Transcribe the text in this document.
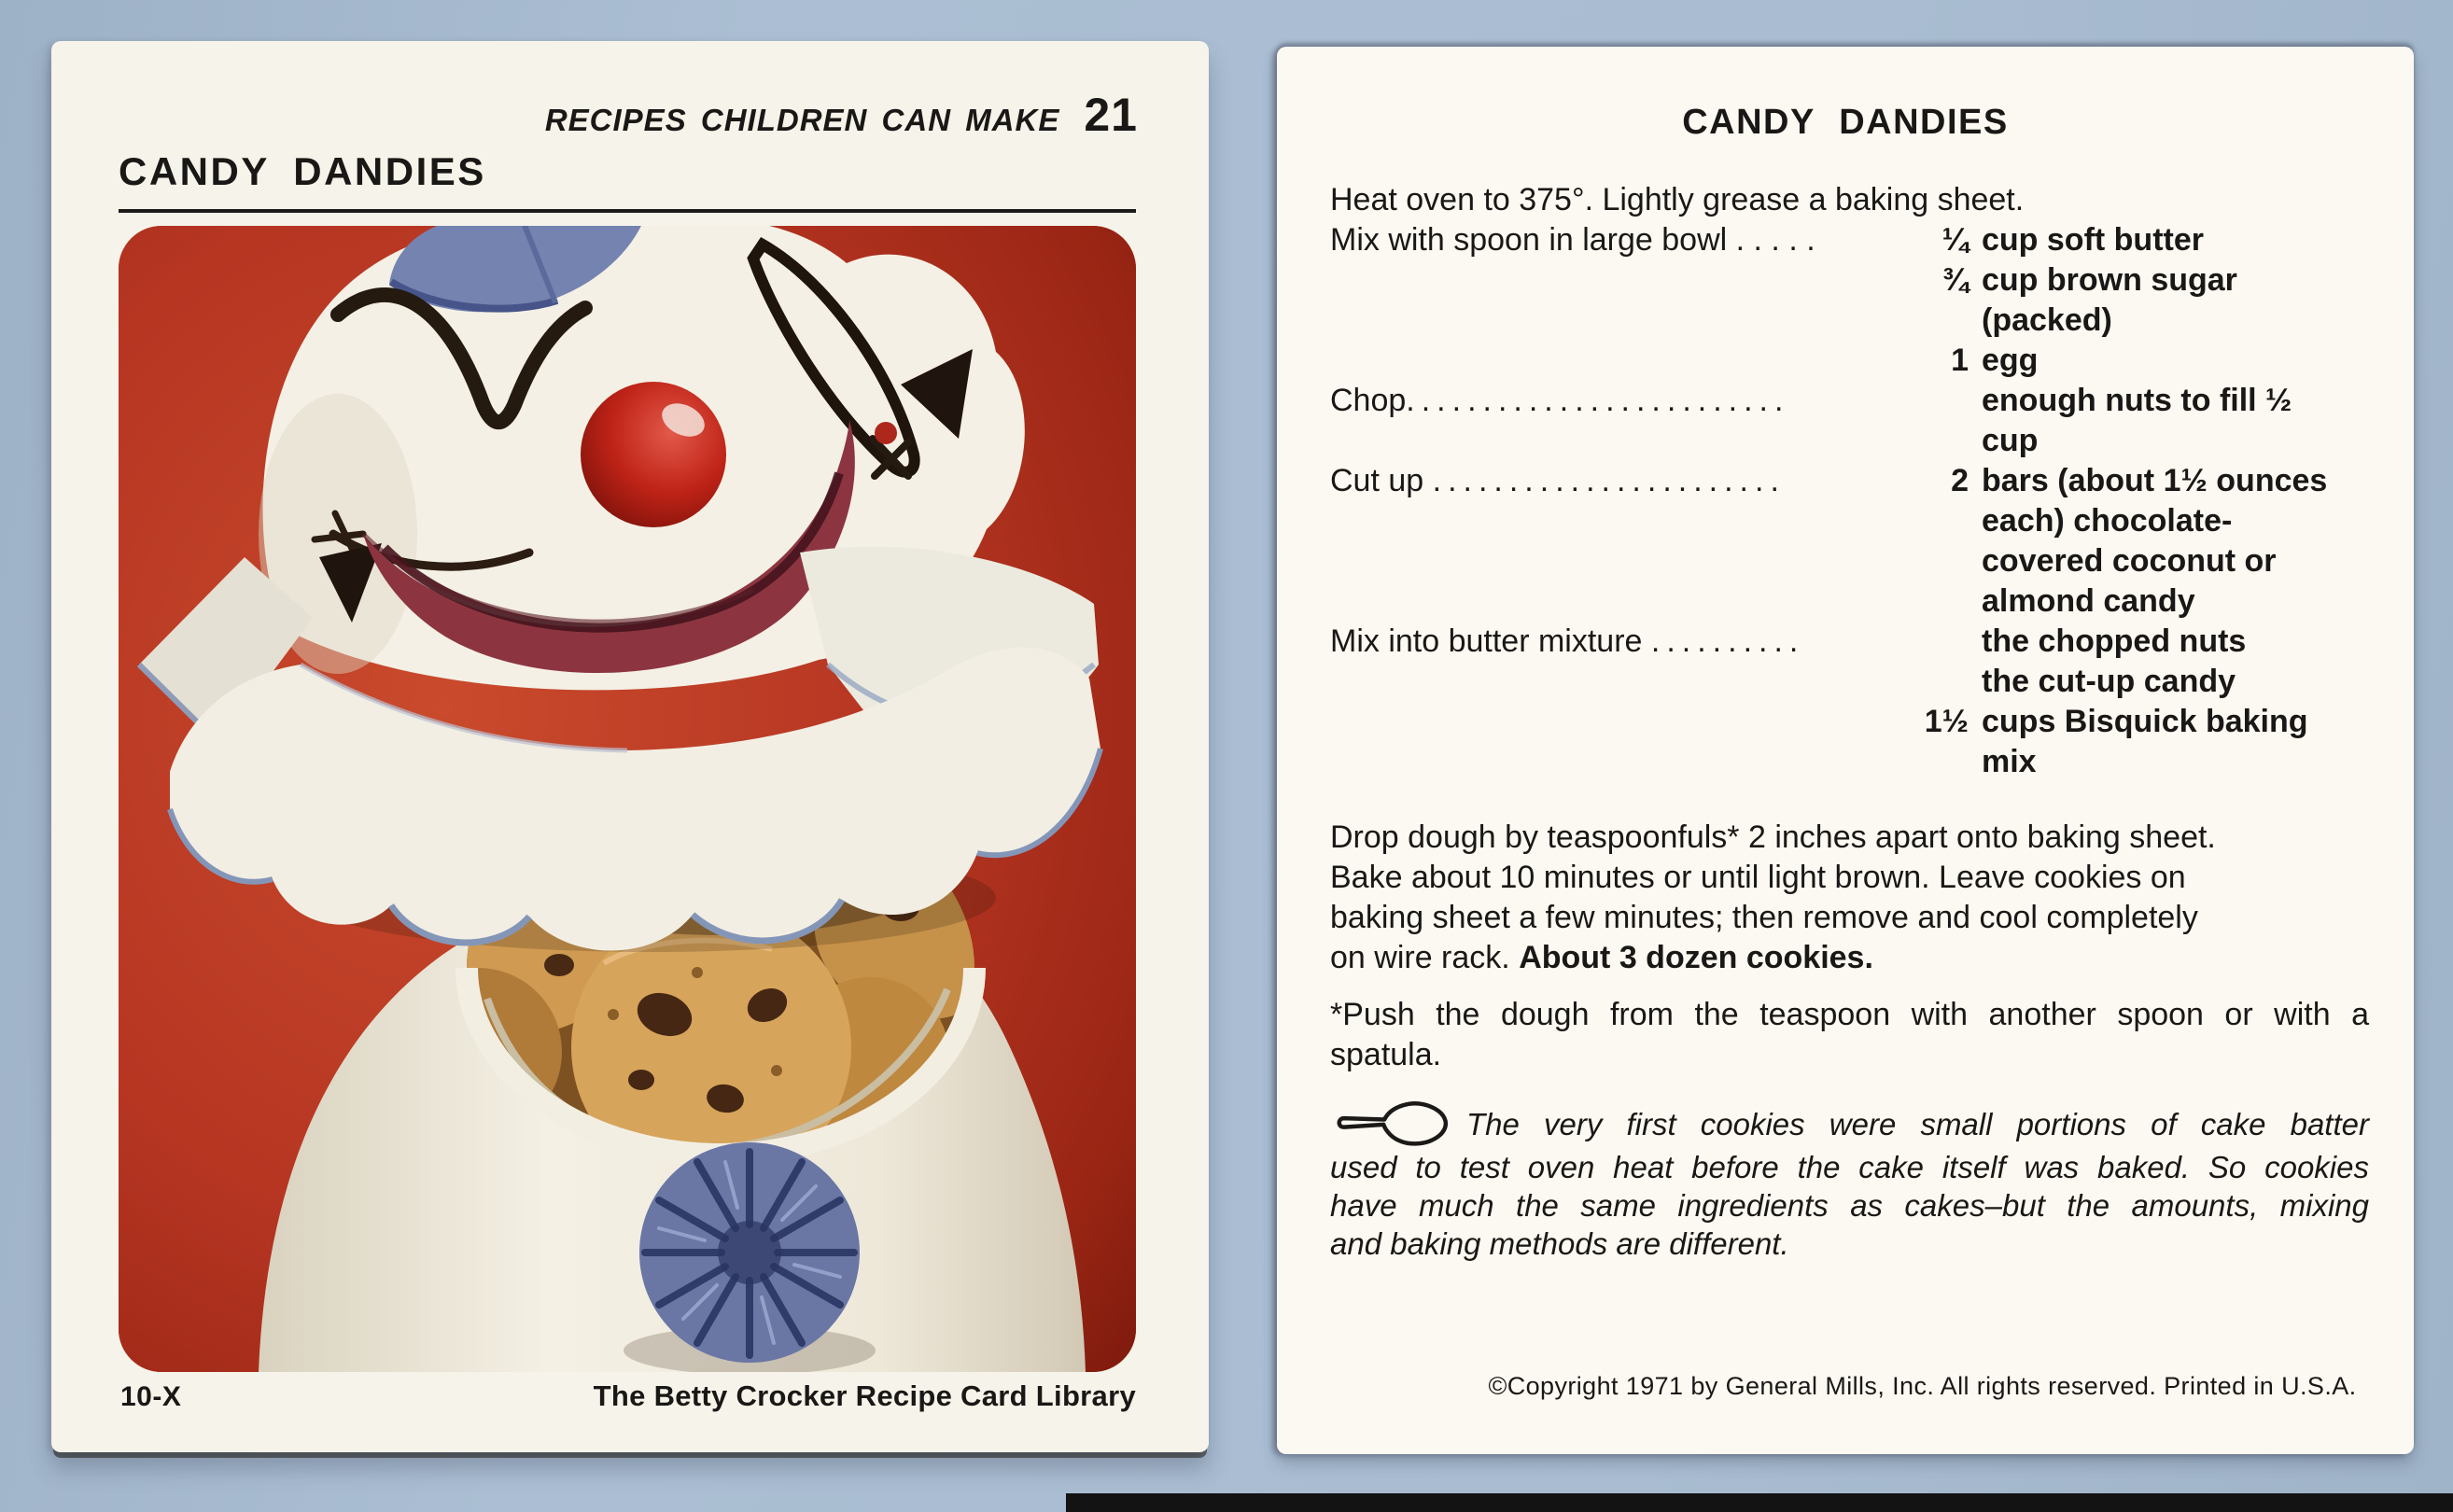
RECIPES CHILDREN CAN MAKE 21
CANDY DANDIES
10-X	The Betty Crocker Recipe Card Library
CANDY DANDIES
Heat oven to 375°. Lightly grease a baking sheet.
Mix with spoon in large bowl . . . . .	¼ cup soft butter
¾ cup brown sugar
(packed)
1 egg
Chop.........................	enough nuts to fill ½
cup
Cut up .......................	2 bars (about 1½ ounces
each) chocolate-
covered coconut or
almond candy
Mix into butter mixture ..........	the chopped nuts
the cut-up candy
1½ cups Bisquick baking
mix
Drop dough by teaspoonfuls* 2 inches apart onto baking sheet.
Bake about 10 minutes or until light brown. Leave cookies on
baking sheet a few minutes; then remove and cool completely
on wire rack. About 3 dozen cookies.
*Push the dough from the teaspoon with another spoon or with a
spatula.
The very first cookies were small portions of cake batter
used to test oven heat before the cake itself was baked. So cookies
have much the same ingredients as cakes–but the amounts, mixing
and baking methods are different.
©Copyright 1971 by General Mills, Inc. All rights reserved. Printed in U.S.A.
